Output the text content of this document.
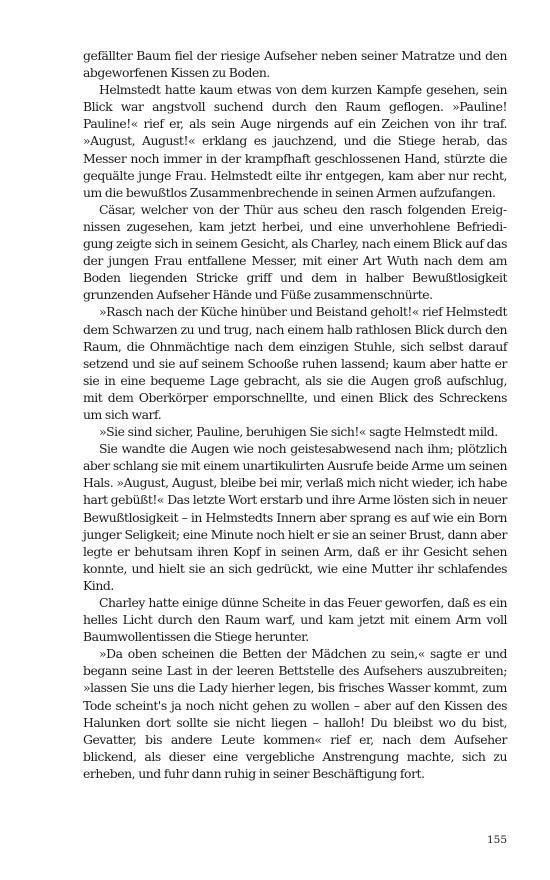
gefällter Baum fiel der riesige Aufseher neben seiner Matratze und den abgeworfenen Kissen zu Boden.

Helmstedt hatte kaum etwas von dem kurzen Kampfe gesehen, sein Blick war angstvoll suchend durch den Raum geflogen. »Pauline! Pauline!« rief er, als sein Auge nirgends auf ein Zeichen von ihr traf. »August, August!« erklang es jauchzend, und die Stiege herab, das Messer noch immer in der krampfhaft geschlossenen Hand, stürzte die gequälte junge Frau. Helmstedt eilte ihr entgegen, kam aber nur recht, um die bewußtlos Zusammenbrechende in seinen Armen aufzufangen.

Cäsar, welcher von der Thür aus scheu den rasch folgenden Ereignissen zugesehen, kam jetzt herbei, und eine unverhohlene Befriedigung zeigte sich in seinem Gesicht, als Charley, nach einem Blick auf das der jungen Frau entfallene Messer, mit einer Art Wuth nach dem am Boden liegenden Stricke griff und dem in halber Bewußtlosigkeit grunzenden Aufseher Hände und Füße zusammenschnürte.

»Rasch nach der Küche hinüber und Beistand geholt!« rief Helmstedt dem Schwarzen zu und trug, nach einem halb rathlosen Blick durch den Raum, die Ohnmächtige nach dem einzigen Stuhle, sich selbst darauf setzend und sie auf seinem Schooße ruhen lassend; kaum aber hatte er sie in eine bequeme Lage gebracht, als sie die Augen groß aufschlug, mit dem Oberkörper emporschnellte, und einen Blick des Schreckens um sich warf.

»Sie sind sicher, Pauline, beruhigen Sie sich!« sagte Helmstedt mild.

Sie wandte die Augen wie noch geistesabwesend nach ihm; plötzlich aber schlang sie mit einem unartikulirten Ausrufe beide Arme um seinen Hals. »August, August, bleibe bei mir, verlaß mich nicht wieder, ich habe hart gebüßt!« Das letzte Wort erstarb und ihre Arme lösten sich in neuer Bewußtlosigkeit – in Helmstedts Innern aber sprang es auf wie ein Born junger Seligkeit; eine Minute noch hielt er sie an seiner Brust, dann aber legte er behutsam ihren Kopf in seinen Arm, daß er ihr Gesicht sehen konnte, und hielt sie an sich gedrückt, wie eine Mutter ihr schlafendes Kind.

Charley hatte einige dünne Scheite in das Feuer geworfen, daß es ein helles Licht durch den Raum warf, und kam jetzt mit einem Arm voll Baumwollentissen die Stiege herunter.

»Da oben scheinen die Betten der Mädchen zu sein,« sagte er und begann seine Last in der leeren Bettstelle des Aufsehers auszubreiten; »lassen Sie uns die Lady hierher legen, bis frisches Wasser kommt, zum Tode scheint's ja noch nicht gehen zu wollen – aber auf den Kissen des Halunken dort sollte sie nicht liegen – halloh! Du bleibst wo du bist, Gevatter, bis andere Leute kommen« rief er, nach dem Aufseher blickend, als dieser eine vergebliche Anstrengung machte, sich zu erheben, und fuhr dann ruhig in seiner Beschäftigung fort.

155
